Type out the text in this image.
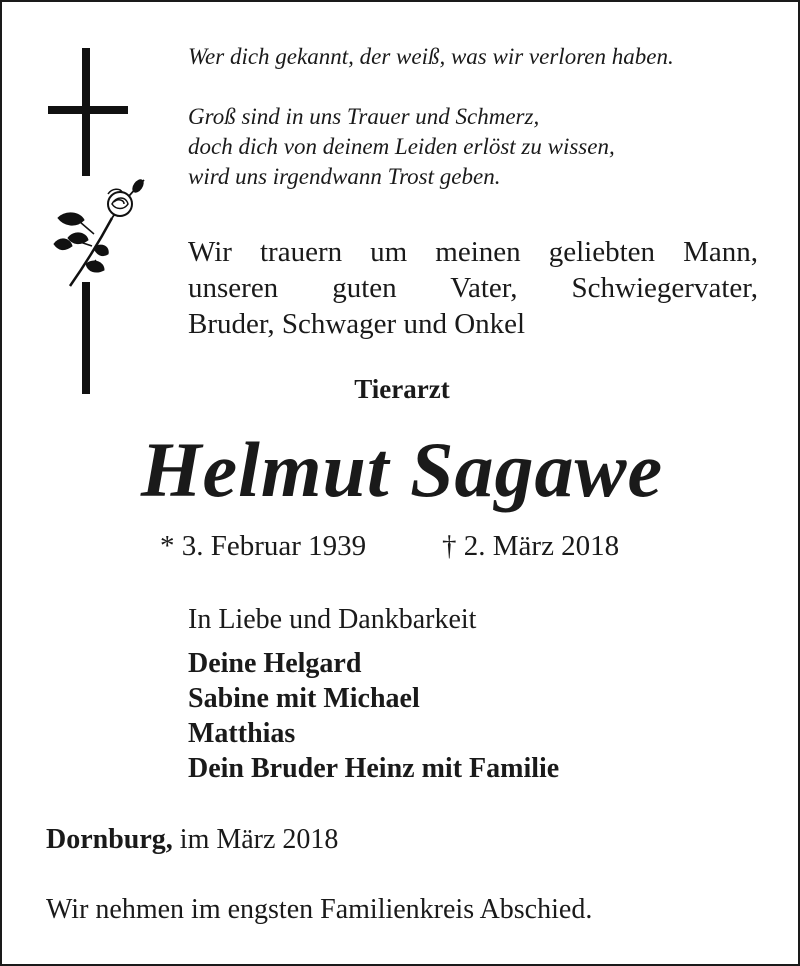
Wer dich gekannt, der weiß, was wir verloren haben.

Groß sind in uns Trauer und Schmerz,

doch dich von deinem Leiden erlöst zu wissen,

wird uns irgendwann Trost geben.

Wir trauern um meinen geliebten Mann,
unseren guten Vater, Schwiegervater,
Bruder, Schwager und Onkel
Tierarzt
Helmut Sagawe
* 3. Februar 1939	† 2. März 2018
In Liebe und Dankbarkeit
Deine Helgard
Sabine mit Michael
Matthias
Dein Bruder Heinz mit Familie
Dornburg, im März 2018
Wir nehmen im engsten Familienkreis Abschied.
